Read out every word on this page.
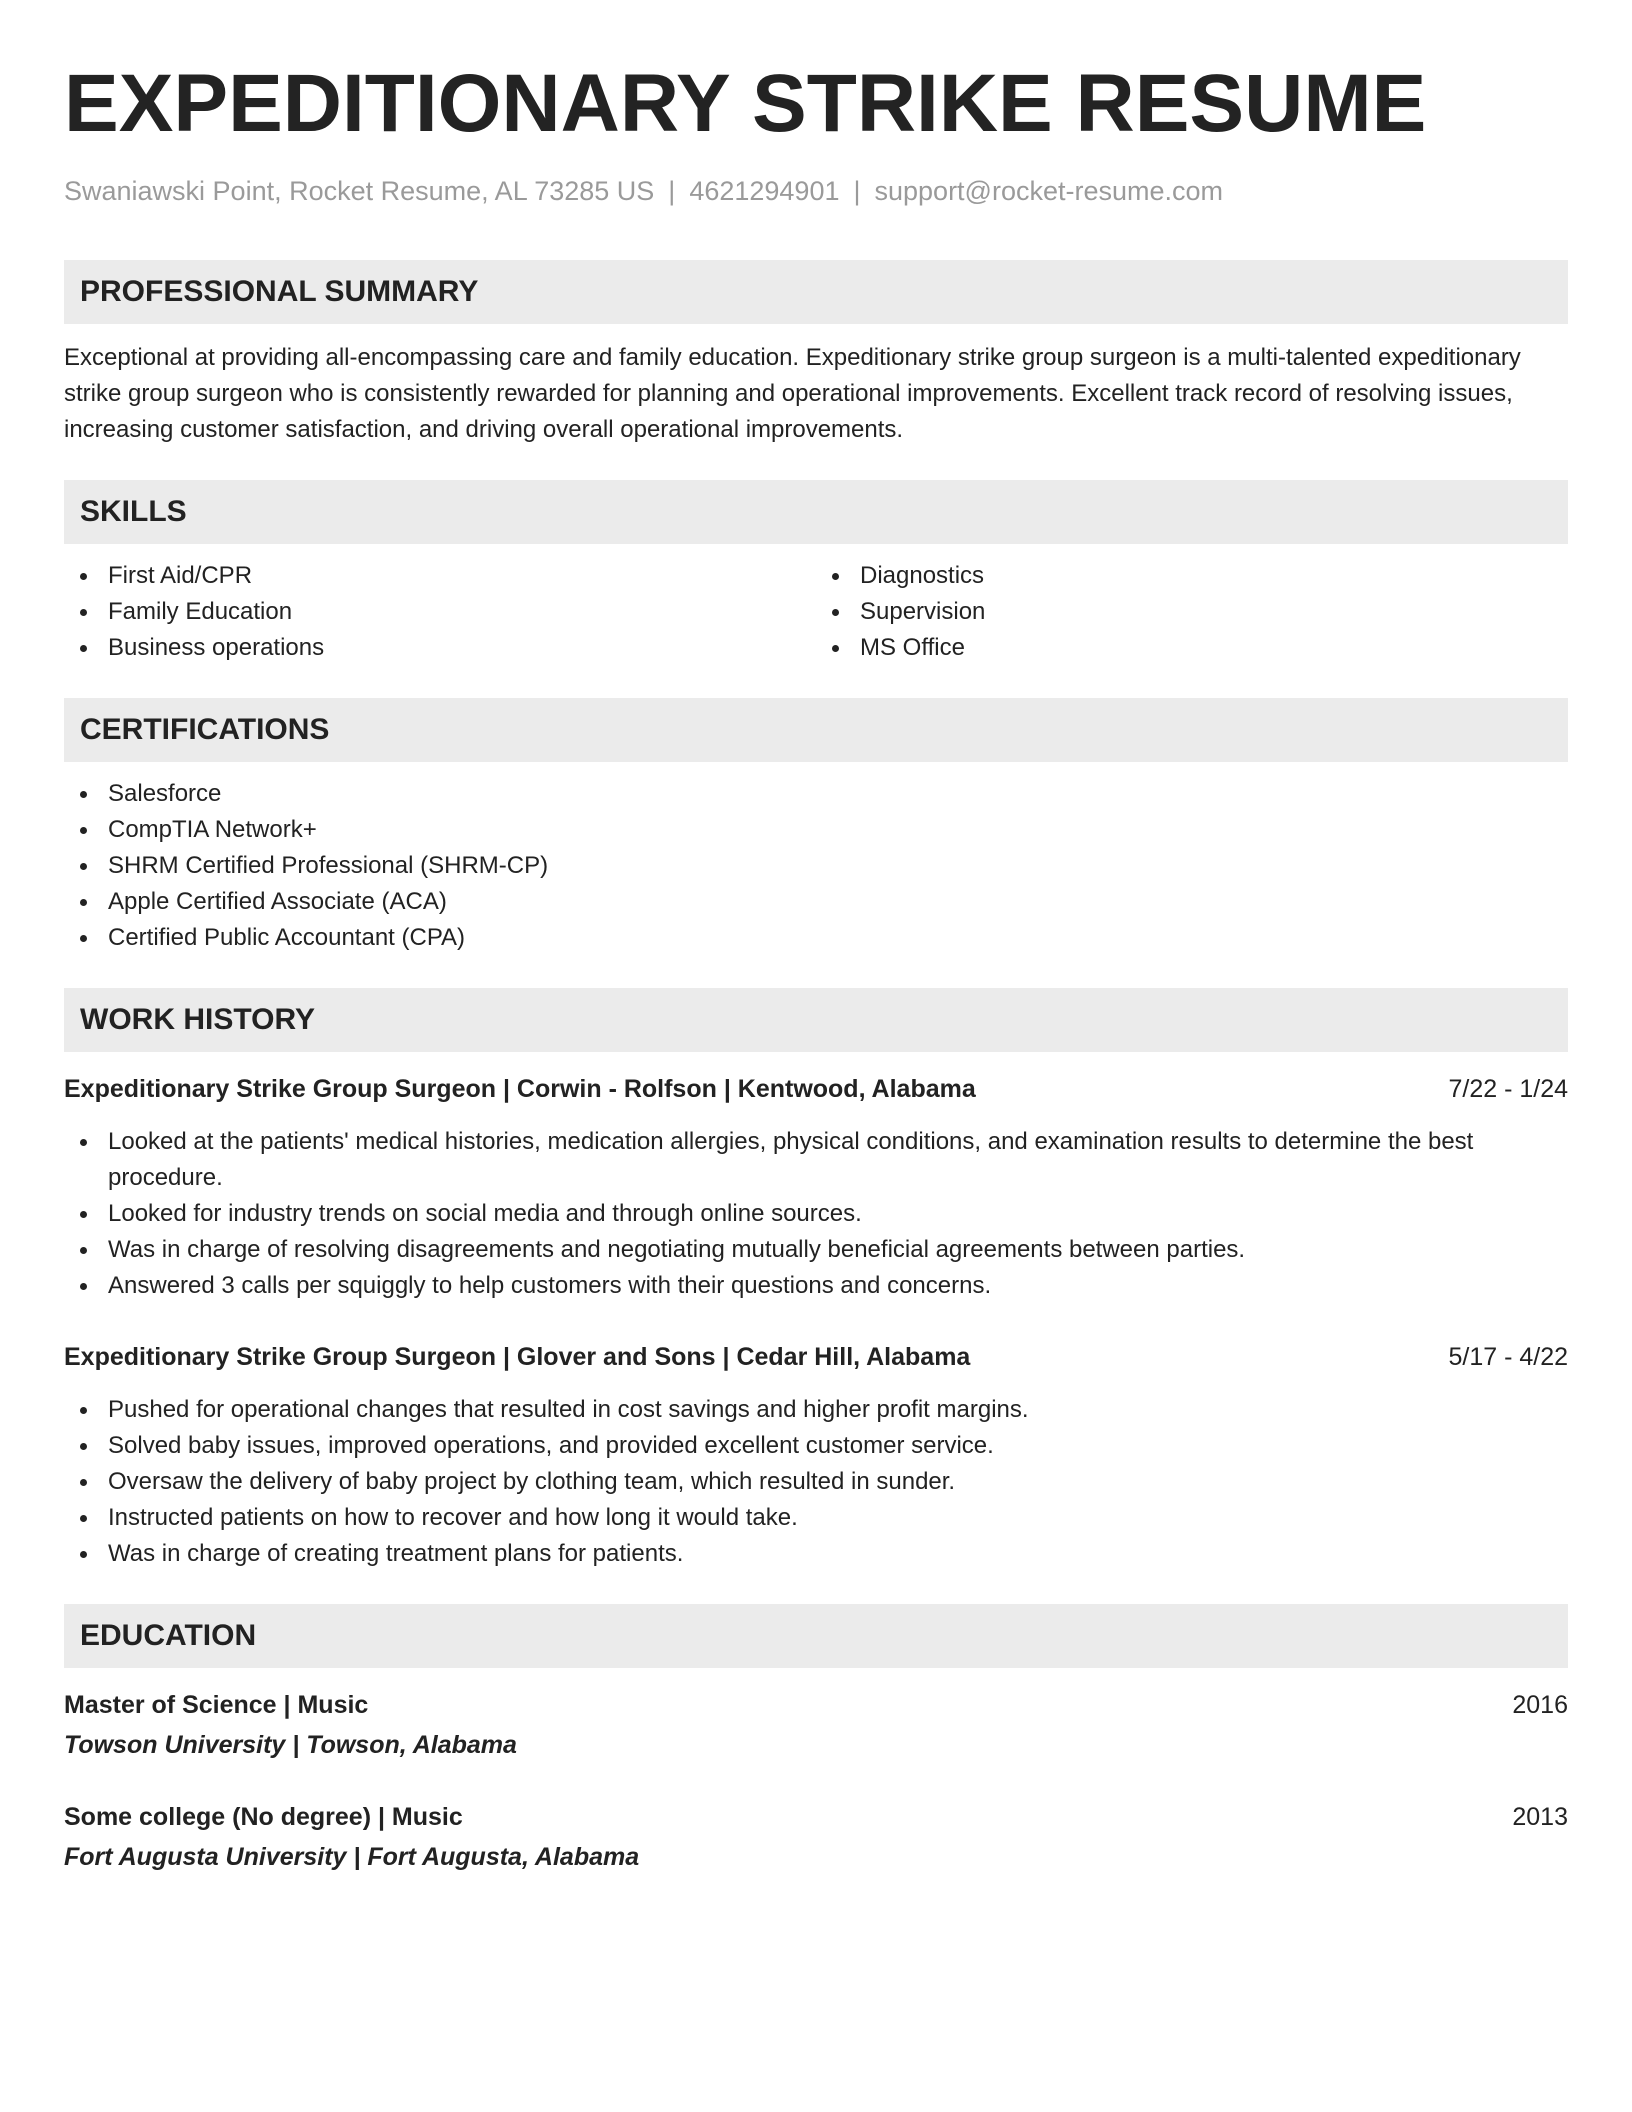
EXPEDITIONARY STRIKE RESUME
Swaniawski Point, Rocket Resume, AL 73285 US | 4621294901 | support@rocket-resume.com
PROFESSIONAL SUMMARY

Exceptional at providing all-encompassing care and family education. Expeditionary strike group surgeon is a multi-talented expeditionary strike group surgeon who is consistently rewarded for planning and operational improvements. Excellent track record of resolving issues, increasing customer satisfaction, and driving overall operational improvements.

SKILLS
First Aid/CPR
Family Education
Business operations
Diagnostics
Supervision
MS Office
CERTIFICATIONS
Salesforce
CompTIA Network+
SHRM Certified Professional (SHRM-CP)
Apple Certified Associate (ACA)
Certified Public Accountant (CPA)
WORK HISTORY
Expeditionary Strike Group Surgeon | Corwin - Rolfson | Kentwood, Alabama	7/22 - 1/24
Looked at the patients' medical histories, medication allergies, physical conditions, and examination results to determine the best procedure.
Looked for industry trends on social media and through online sources.
Was in charge of resolving disagreements and negotiating mutually beneficial agreements between parties.
Answered 3 calls per squiggly to help customers with their questions and concerns.
Expeditionary Strike Group Surgeon | Glover and Sons | Cedar Hill, Alabama	5/17 - 4/22
Pushed for operational changes that resulted in cost savings and higher profit margins.
Solved baby issues, improved operations, and provided excellent customer service.
Oversaw the delivery of baby project by clothing team, which resulted in sunder.
Instructed patients on how to recover and how long it would take.
Was in charge of creating treatment plans for patients.
EDUCATION
Master of Science | Music	2016
Towson University | Towson, Alabama
Some college (No degree) | Music	2013
Fort Augusta University | Fort Augusta, Alabama
